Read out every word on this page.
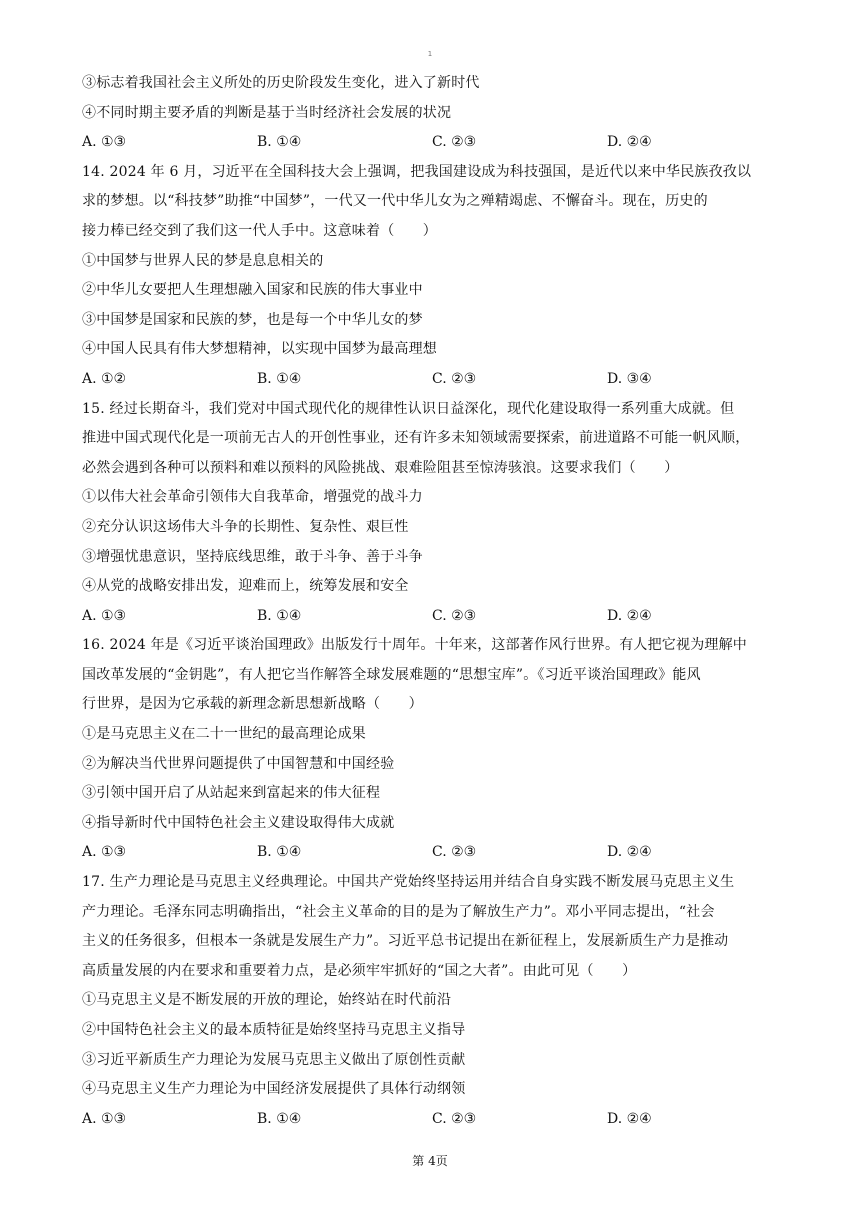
1
③标志着我国社会主义所处的历史阶段发生变化，进入了新时代
④不同时期主要矛盾的判断是基于当时经济社会发展的状况
A. ①③	B. ①④	C. ②③	D. ②④
14. 2024 年 6 月，习近平在全国科技大会上强调，把我国建设成为科技强国，是近代以来中华民族孜孜以
求的梦想。以“科技梦”助推“中国梦”，一代又一代中华儿女为之殚精竭虑、不懈奋斗。现在，历史的
接力棒已经交到了我们这一代人手中。这意味着（　　）
①中国梦与世界人民的梦是息息相关的
②中华儿女要把人生理想融入国家和民族的伟大事业中
③中国梦是国家和民族的梦，也是每一个中华儿女的梦
④中国人民具有伟大梦想精神，以实现中国梦为最高理想
A. ①②	B. ①④	C. ②③	D. ③④
15. 经过长期奋斗，我们党对中国式现代化的规律性认识日益深化，现代化建设取得一系列重大成就。但
推进中国式现代化是一项前无古人的开创性事业，还有许多未知领域需要探索，前进道路不可能一帆风顺，
必然会遇到各种可以预料和难以预料的风险挑战、艰难险阻甚至惊涛骇浪。这要求我们（　　）
①以伟大社会革命引领伟大自我革命，增强党的战斗力
②充分认识这场伟大斗争的长期性、复杂性、艰巨性
③增强忧患意识，坚持底线思维，敢于斗争、善于斗争
④从党的战略安排出发，迎难而上，统筹发展和安全
A. ①③	B. ①④	C. ②③	D. ②④
16. 2024 年是《习近平谈治国理政》出版发行十周年。十年来，这部著作风行世界。有人把它视为理解中
国改革发展的“金钥匙”，有人把它当作解答全球发展难题的“思想宝库”。《习近平谈治国理政》能风
行世界，是因为它承载的新理念新思想新战略（　　）
①是马克思主义在二十一世纪的最高理论成果
②为解决当代世界问题提供了中国智慧和中国经验
③引领中国开启了从站起来到富起来的伟大征程
④指导新时代中国特色社会主义建设取得伟大成就
A. ①③	B. ①④	C. ②③	D. ②④
17. 生产力理论是马克思主义经典理论。中国共产党始终坚持运用并结合自身实践不断发展马克思主义生
产力理论。毛泽东同志明确指出，“社会主义革命的目的是为了解放生产力”。邓小平同志提出，“社会
主义的任务很多，但根本一条就是发展生产力”。习近平总书记提出在新征程上，发展新质生产力是推动
高质量发展的内在要求和重要着力点，是必须牢牢抓好的“国之大者”。由此可见（　　）
①马克思主义是不断发展的开放的理论，始终站在时代前沿
②中国特色社会主义的最本质特征是始终坚持马克思主义指导
③习近平新质生产力理论为发展马克思主义做出了原创性贡献
④马克思主义生产力理论为中国经济发展提供了具体行动纲领
A. ①③	B. ①④	C. ②③	D. ②④
第 4页
